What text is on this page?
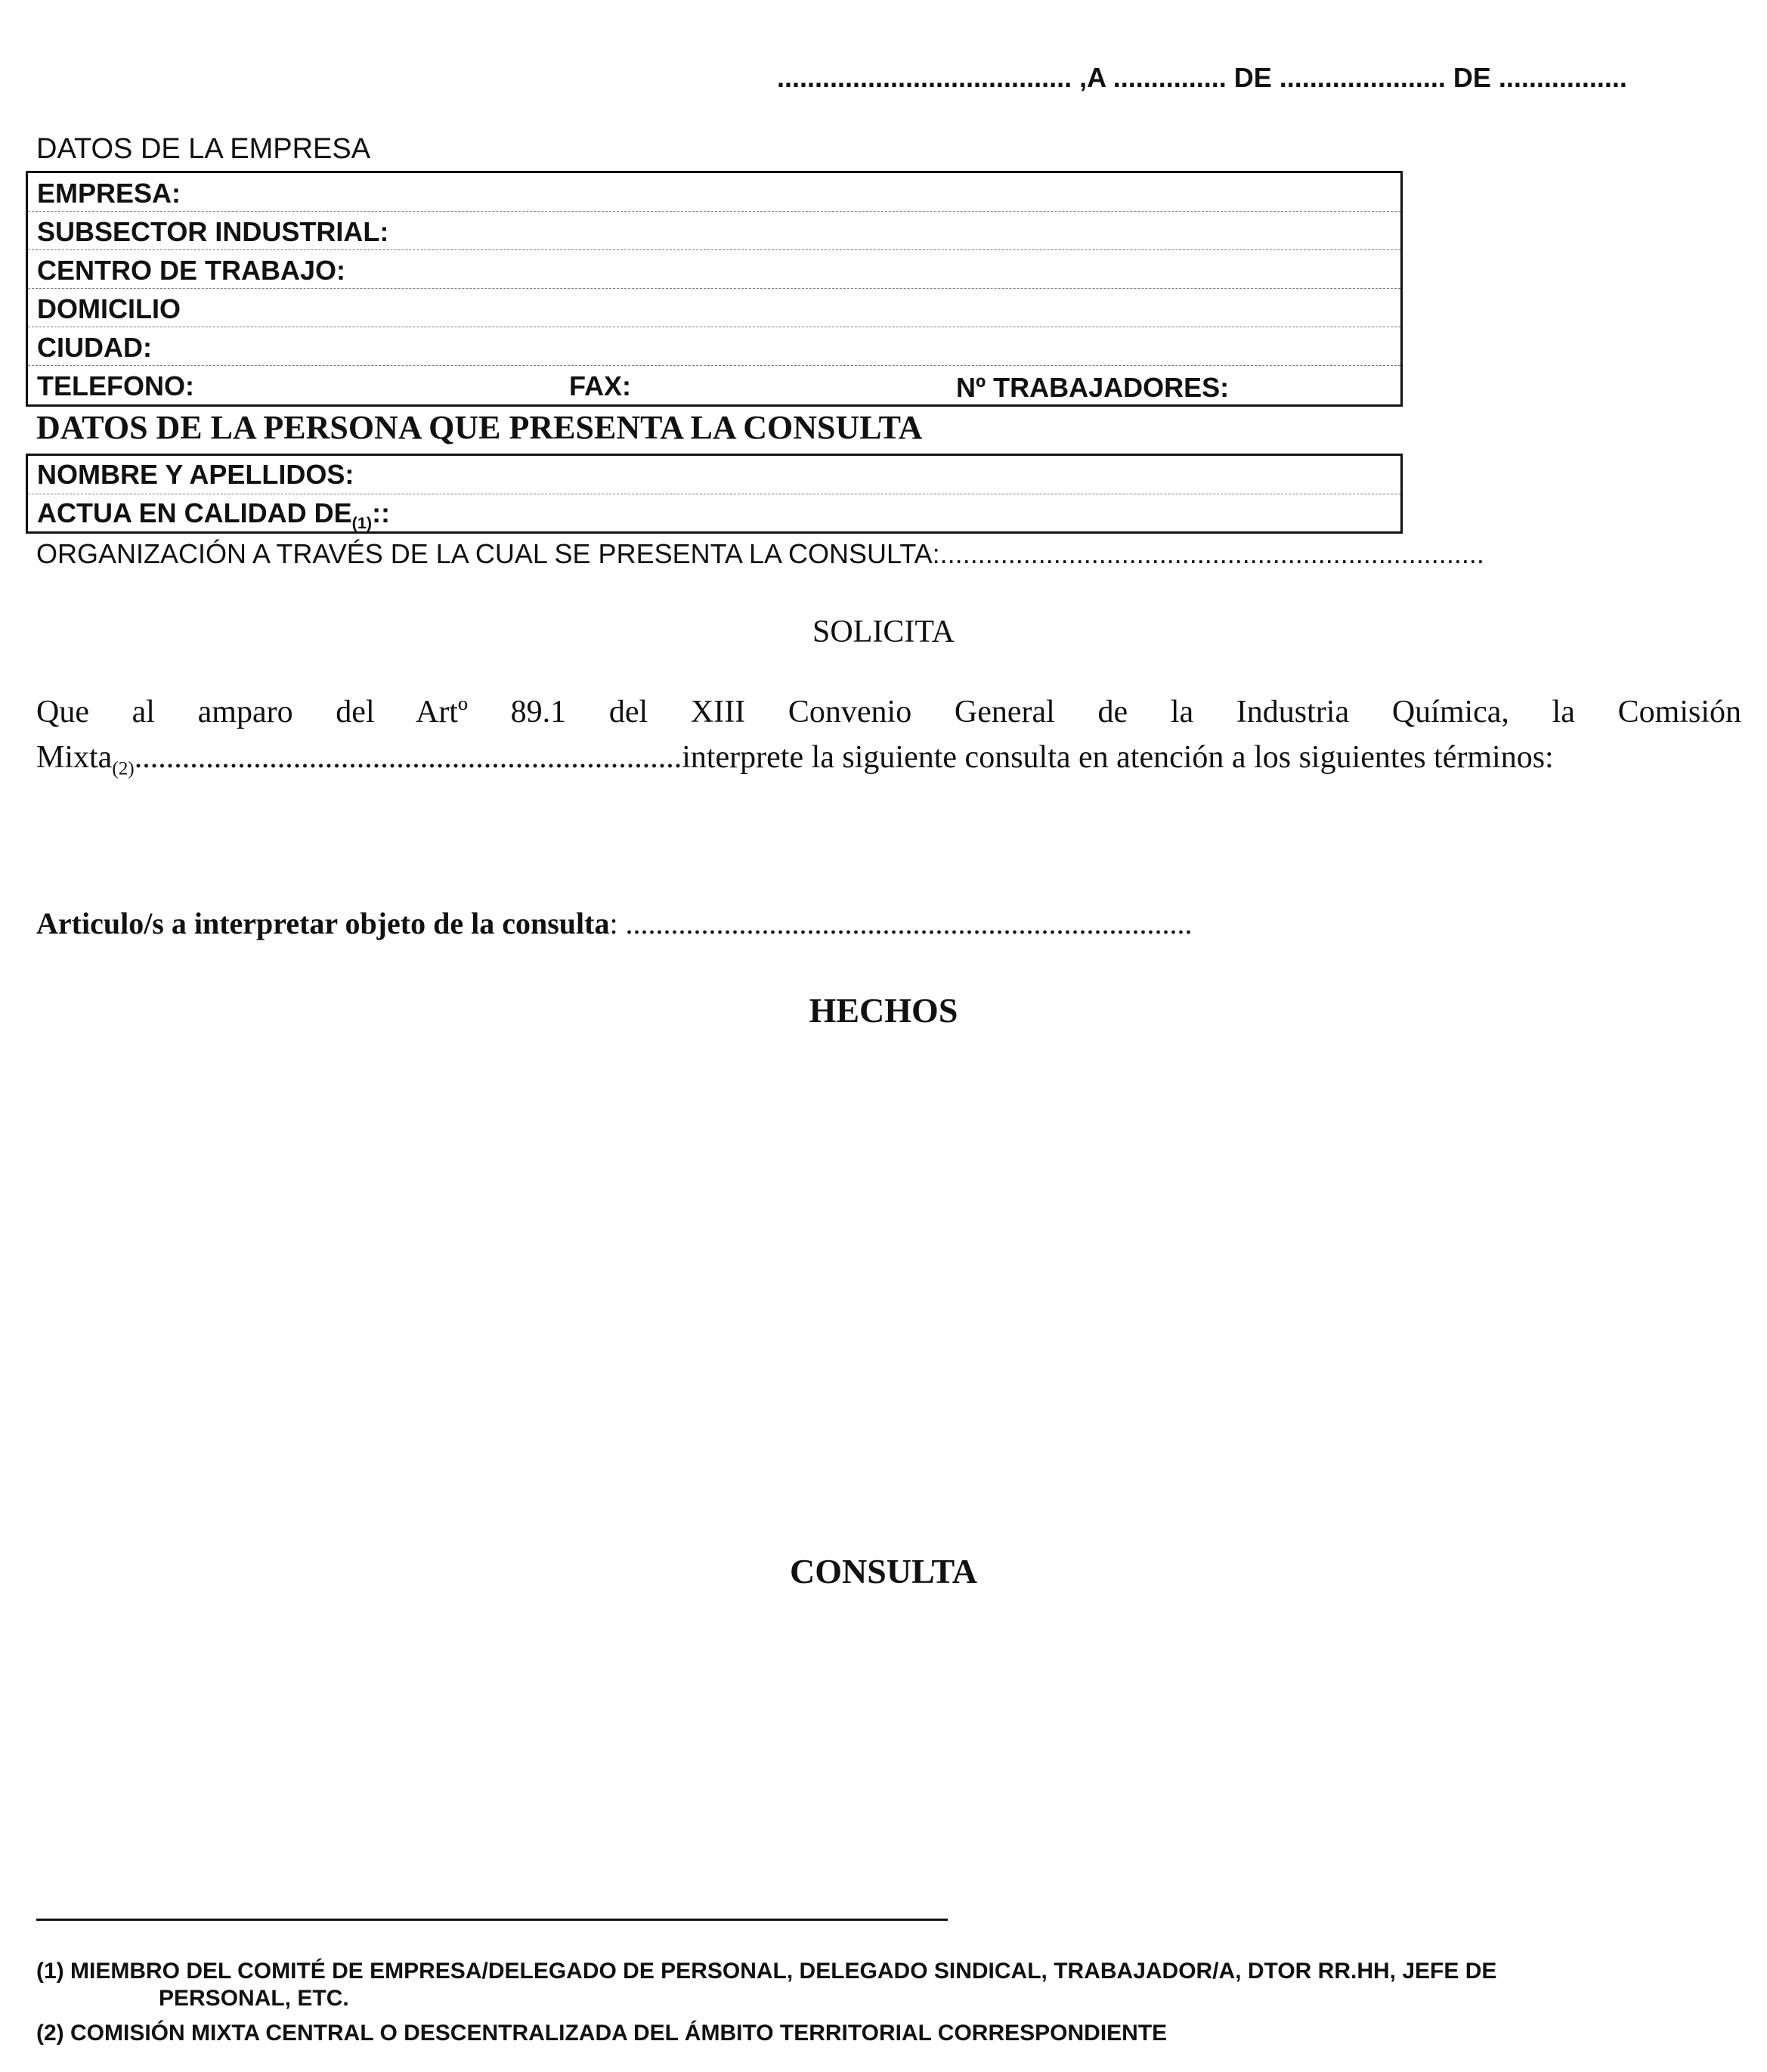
....................................... ,A ............... DE ...................... DE .................
DATOS DE LA EMPRESA
EMPRESA:
SUBSECTOR INDUSTRIAL:
CENTRO DE TRABAJO:
DOMICILIO
CIUDAD:
TELEFONO:	FAX:	Nº TRABAJADORES:
DATOS DE LA PERSONA QUE PRESENTA LA CONSULTA
NOMBRE Y APELLIDOS:
ACTUA EN CALIDAD $DE_{(1)}$::
ORGANIZACIÓN A TRAVÉS DE LA CUAL SE PRESENTA LA CONSULTA:........................................................................
SOLICITA
Que al amparo del Artº 89.1 del XIII Convenio General de la Industria Química, la Comisión Mixta$_{(2)}$.....................................................................interprete la siguiente consulta en atención a los siguientes términos:
Articulo/s a interpretar objeto de la consulta: ...........................................................................
HECHOS
CONSULTA
(1) MIEMBRO DEL COMITÉ DE EMPRESA/DELEGADO DE PERSONAL, DELEGADO SINDICAL, TRABAJADOR/A, DTOR RR.HH, JEFE DE
PERSONAL, ETC.
(2) COMISIÓN MIXTA CENTRAL O DESCENTRALIZADA DEL ÁMBITO TERRITORIAL CORRESPONDIENTE
